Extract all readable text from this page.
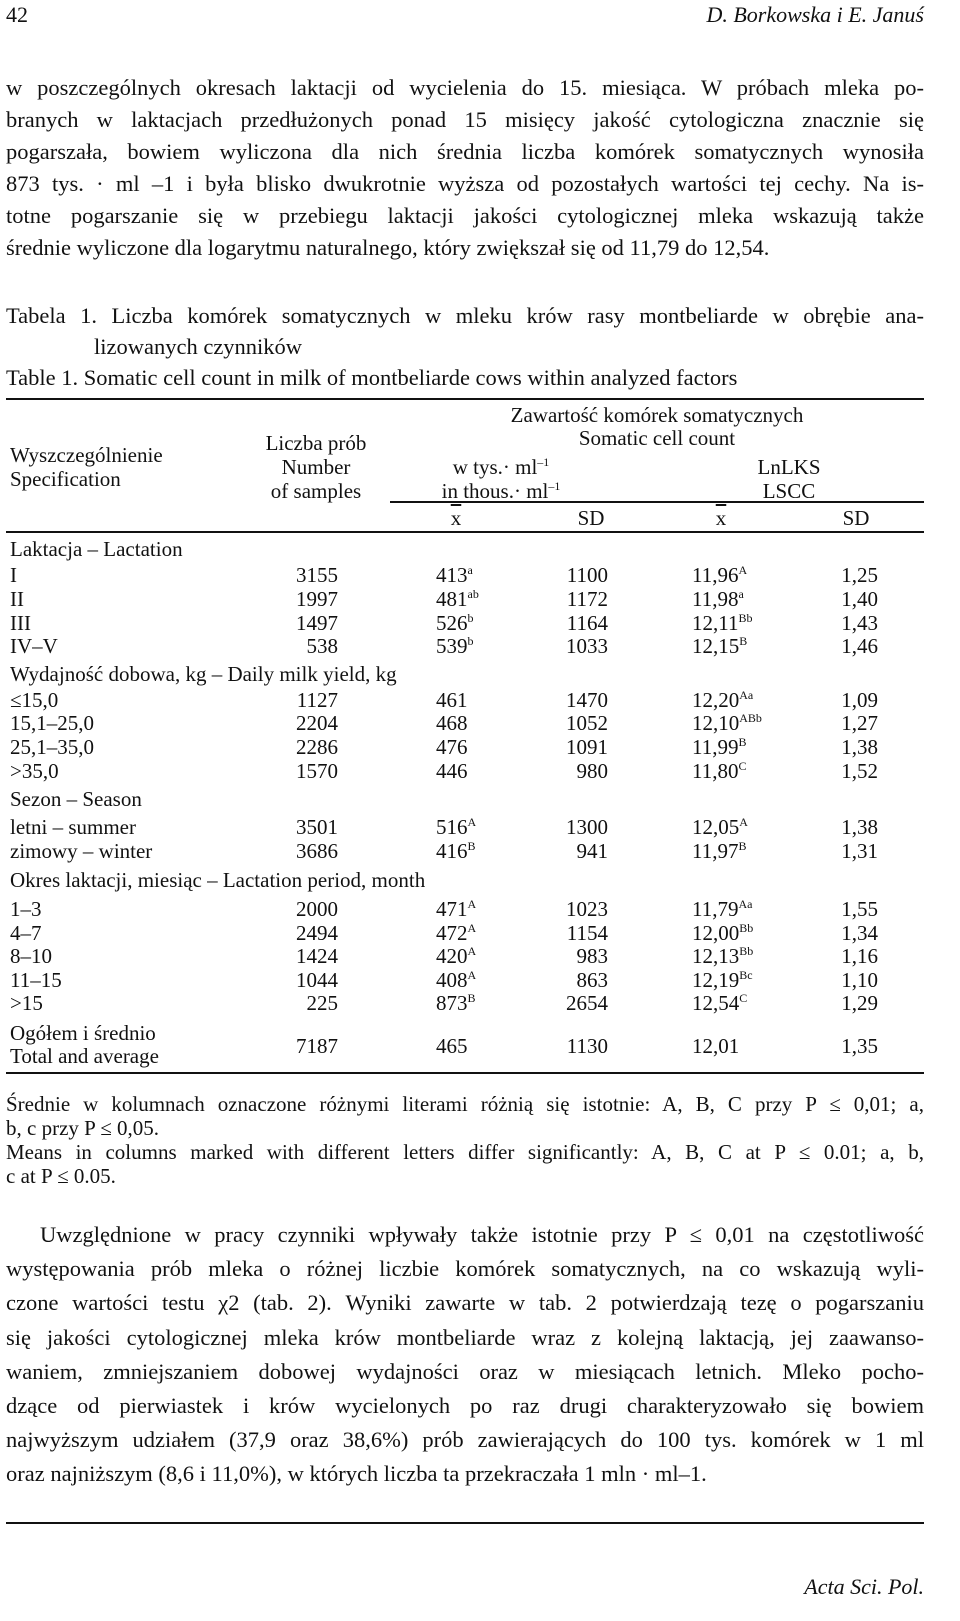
42	D. Borkowska i E. Januś
w poszczególnych okresach laktacji od wycielenia do 15. miesiąca. W próbach mleka po-
branych w laktacjach przedłużonych ponad 15 misięcy jakość cytologiczna znacznie się
pogarszała, bowiem wyliczona dla nich średnia liczba komórek somatycznych wynosiła
873 tys. · ml –1 i była blisko dwukrotnie wyższa od pozostałych wartości tej cechy. Na is-
totne pogarszanie się w przebiegu laktacji jakości cytologicznej mleka wskazują także
średnie wyliczone dla logarytmu naturalnego, który zwiększał się od 11,79 do 12,54.
Tabela 1. Liczba komórek somatycznych w mleku krów rasy montbeliarde w obrębie ana-
lizowanych czynników
Table 1. Somatic cell count in milk of montbeliarde cows within analyzed factors
Wyszczególnienie
Specification
Liczba prób
Number
of samples
Zawartość komórek somatycznych
Somatic cell count
w $tys.\cdot ml^{-1}$
in thous.· $ml^{-1}$
LnLKS
LSCC
$\overline{x}$	SD	$\overline{x}$	SD
Laktacja – Lactation
I	3155	413$^a$	1100	$11,96^A$	1,25
II	1997	$481^{ab}$	1172	11,98$^a$	1,40
III	1497	526$^b$	1164	$12,11^{Bb}$	1,43
IV–V	538	539$^b$	1033	$12,15^B$	1,46
Wydajność dobowa, kg – Daily milk yield, kg
≤15,0	1127	461	1470	$12,20^{Aa}$	1,09
15,1–25,0	2204	468	1052	$12,10^{ABb}$	1,27
25,1–35,0	2286	476	1091	$11,99^B$	1,38
>35,0	1570	446	980	$11,80^C$	1,52
Sezon – Season
letni – summer	3501	$516^A$	1300	$12,05^A$	1,38
zimowy – winter	3686	$416^B$	941	$11,97^B$	1,31
Okres laktacji, miesiąc – Lactation period, month
1–3	2000	$471^A$	1023	$11,79^{Aa}$	1,55
4–7	2494	$472^A$	1154	$12,00^{Bb}$	1,34
8–10	1424	$420^A$	983	$12,13^{Bb}$	1,16
11–15	1044	$408^A$	863	$12,19^{Bc}$	1,10
>15	225	$873^B$	2654	$12,54^C$	1,29
Ogółem i średnio
Total and average	7187	465	1130	12,01	1,35
Średnie w kolumnach oznaczone różnymi literami różnią się istotnie: A, B, C przy P ≤ 0,01; a,
b, c przy P ≤ 0,05.
Means in columns marked with different letters differ significantly: A, B, C at P ≤ 0.01; a, b,
c at P ≤ 0.05.
Uwzględnione w pracy czynniki wpływały także istotnie przy P ≤ 0,01 na częstotliwość
występowania prób mleka o różnej liczbie komórek somatycznych, na co wskazują wyli-
czone wartości testu χ2 (tab. 2). Wyniki zawarte w tab. 2 potwierdzają tezę o pogarszaniu
się jakości cytologicznej mleka krów montbeliarde wraz z kolejną laktacją, jej zaawanso-
waniem, zmniejszaniem dobowej wydajności oraz w miesiącach letnich. Mleko pocho-
dzące od pierwiastek i krów wycielonych po raz drugi charakteryzowało się bowiem
najwyższym udziałem (37,9 oraz 38,6%) prób zawierających do 100 tys. komórek w 1 ml
oraz najniższym (8,6 i 11,0%), w których liczba ta przekraczała 1 mln · ml–1.
Acta Sci. Pol.
